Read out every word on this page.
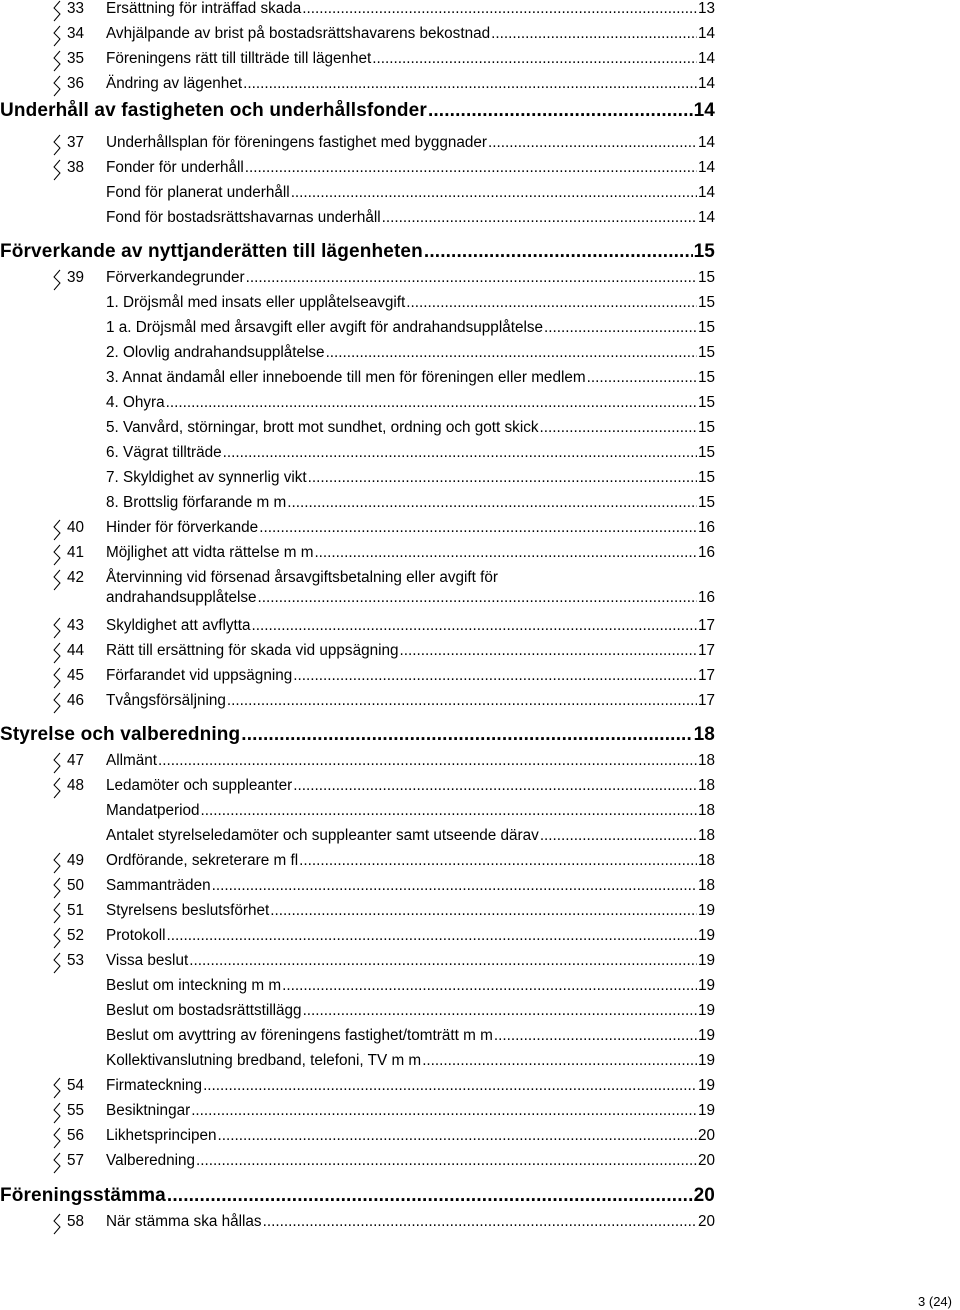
33	Ersättning för inträffad skada .....	13
34	Avhjälpande av brist på bostadsrättshavarens bekostnad .....	14
35	Föreningens rätt till tillträde till lägenhet .....	14
36	Ändring av lägenhet .....	14
Underhåll av fastigheten och underhållsfonder .....	14
37	Underhållsplan för föreningens fastighet med byggnader .....	14
38	Fonder för underhåll .....	14
Fond för planerat underhåll .....	14
Fond för bostadsrättshavarnas underhåll .....	14
Förverkande av nyttjanderätten till lägenheten .....	15
39	Förverkandegrunder .....	15
1. Dröjsmål med insats eller upplåtelseavgift .....	15
1 a. Dröjsmål med årsavgift eller avgift för andrahandsupplåtelse .....	15
2. Olovlig andrahandsupplåtelse .....	15
3. Annat ändamål eller inneboende till men för föreningen eller medlem .....	15
4. Ohyra .....	15
5. Vanvård, störningar, brott mot sundhet, ordning och gott skick .....	15
6. Vägrat tillträde .....	15
7. Skyldighet av synnerlig vikt .....	15
8. Brottslig förfarande m m .....	15
40	Hinder för förverkande .....	16
41	Möjlighet att vidta rättelse m m .....	16
42	Återvinning vid försenad årsavgiftsbetalning eller avgift för
andrahandsupplåtelse .....	16
43	Skyldighet att avflytta .....	17
44	Rätt till ersättning för skada vid uppsägning .....	17
45	Förfarandet vid uppsägning .....	17
46	Tvångsförsäljning .....	17
Styrelse och valberedning .....	18
47	Allmänt .....	18
48	Ledamöter och suppleanter .....	18
Mandatperiod .....	18
Antalet styrelseledamöter och suppleanter samt utseende därav .....	18
49	Ordförande, sekreterare m fl .....	18
50	Sammanträden .....	18
51	Styrelsens beslutsförhet .....	19
52	Protokoll .....	19
53	Vissa beslut .....	19
Beslut om inteckning m m .....	19
Beslut om bostadsrättstillägg .....	19
Beslut om avyttring av föreningens fastighet/tomträtt m m .....	19
Kollektivanslutning bredband, telefoni, TV m m .....	19
54	Firmateckning .....	19
55	Besiktningar .....	19
56	Likhetsprincipen .....	20
57	Valberedning .....	20
Föreningsstämma .....	20
58	När stämma ska hållas .....	20
3 (24)
